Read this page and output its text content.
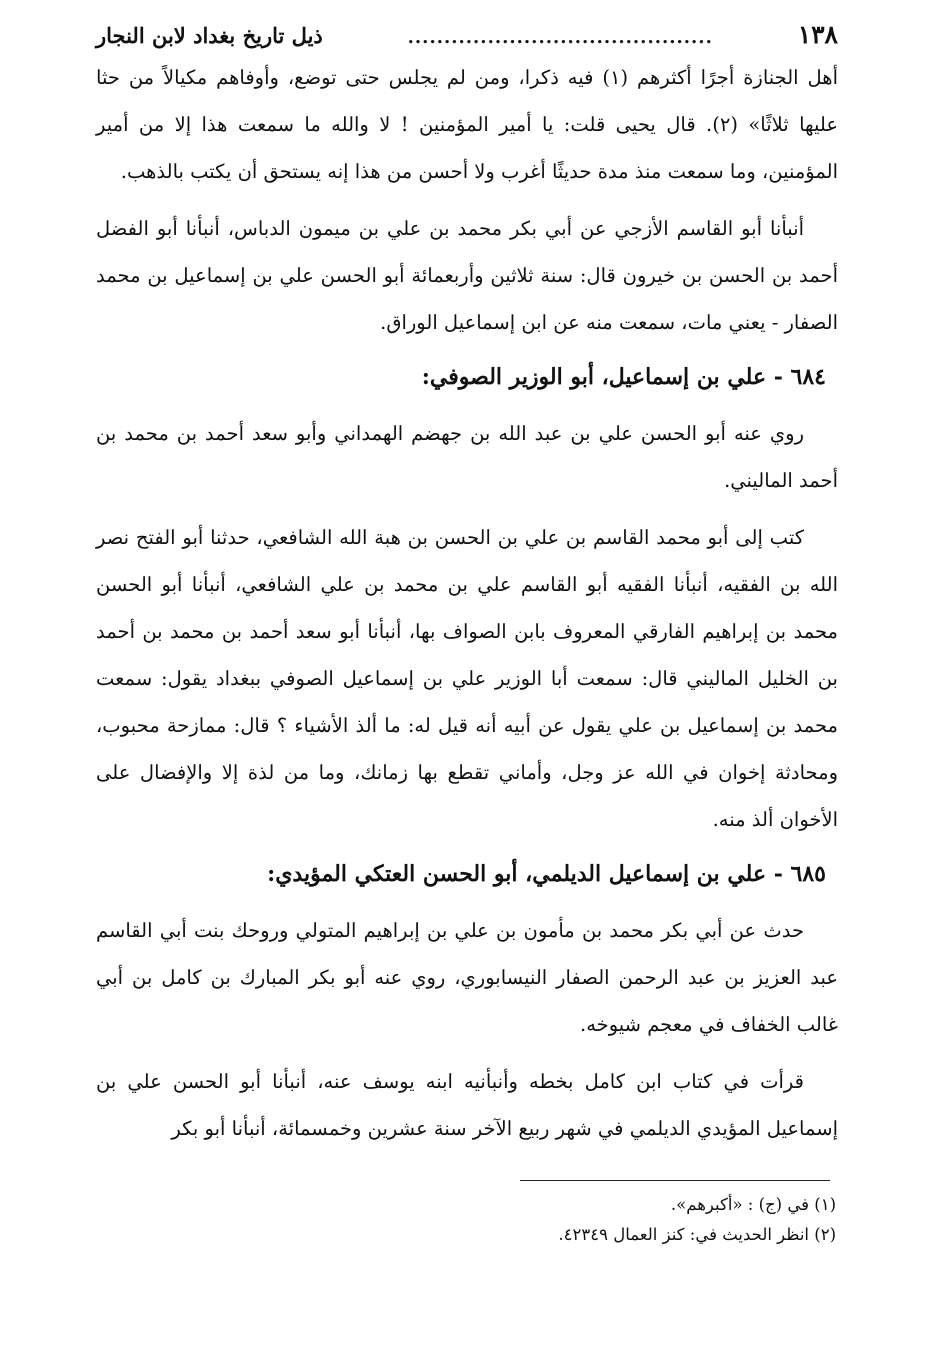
١٣٨
..........................................
ذيل تاريخ بغداد لابن النجار

أهل الجنازة أجرًا أكثرهم (١) فيه ذكرا، ومن لم يجلس حتى توضع، وأوفاهم مكيالاً من حثا عليها ثلاثًا» (٢). قال يحيى قلت: يا أمير المؤمنين ! لا والله ما سمعت هذا إلا من أمير المؤمنين، وما سمعت منذ مدة حديثًا أغرب ولا أحسن من هذا إنه يستحق أن يكتب بالذهب.

أنبأنا أبو القاسم الأزجي عن أبي بكر محمد بن علي بن ميمون الدباس، أنبأنا أبو الفضل أحمد بن الحسن بن خيرون قال: سنة ثلاثين وأربعمائة أبو الحسن علي بن إسماعيل بن محمد الصفار - يعني مات، سمعت منه عن ابن إسماعيل الوراق.

٦٨٤ - علي بن إسماعيل، أبو الوزير الصوفي:

روي عنه أبو الحسن علي بن عبد الله بن جهضم الهمداني وأبو سعد أحمد بن محمد بن أحمد الماليني.

كتب إلى أبو محمد القاسم بن علي بن الحسن بن هبة الله الشافعي، حدثنا أبو الفتح نصر الله بن الفقيه، أنبأنا الفقيه أبو القاسم علي بن محمد بن علي الشافعي، أنبأنا أبو الحسن محمد بن إبراهيم الفارقي المعروف بابن الصواف بها، أنبأنا أبو سعد أحمد بن محمد بن أحمد بن الخليل الماليني قال: سمعت أبا الوزير علي بن إسماعيل الصوفي ببغداد يقول: سمعت محمد بن إسماعيل بن علي يقول عن أبيه أنه قيل له: ما ألذ الأشياء ؟ قال: ممازحة محبوب، ومحادثة إخوان في الله عز وجل، وأماني تقطع بها زمانك، وما من لذة إلا والإفضال على الأخوان ألذ منه.

٦٨٥ - علي بن إسماعيل الديلمي، أبو الحسن العتكي المؤيدي:

حدث عن أبي بكر محمد بن مأمون بن علي بن إبراهيم المتولي وروحك بنت أبي القاسم عبد العزيز بن عبد الرحمن الصفار النيسابوري، روي عنه أبو بكر المبارك بن كامل بن أبي غالب الخفاف في معجم شيوخه.

قرأت في كتاب ابن كامل بخطه وأنبأنيه ابنه يوسف عنه، أنبأنا أبو الحسن علي بن إسماعيل المؤيدي الديلمي في شهر ربيع الآخر سنة عشرين وخمسمائة، أنبأنا أبو بكر

(١) في (ج) : «أكبرهم».

(٢) انظر الحديث في: كنز العمال ٤٢٣٤٩.
